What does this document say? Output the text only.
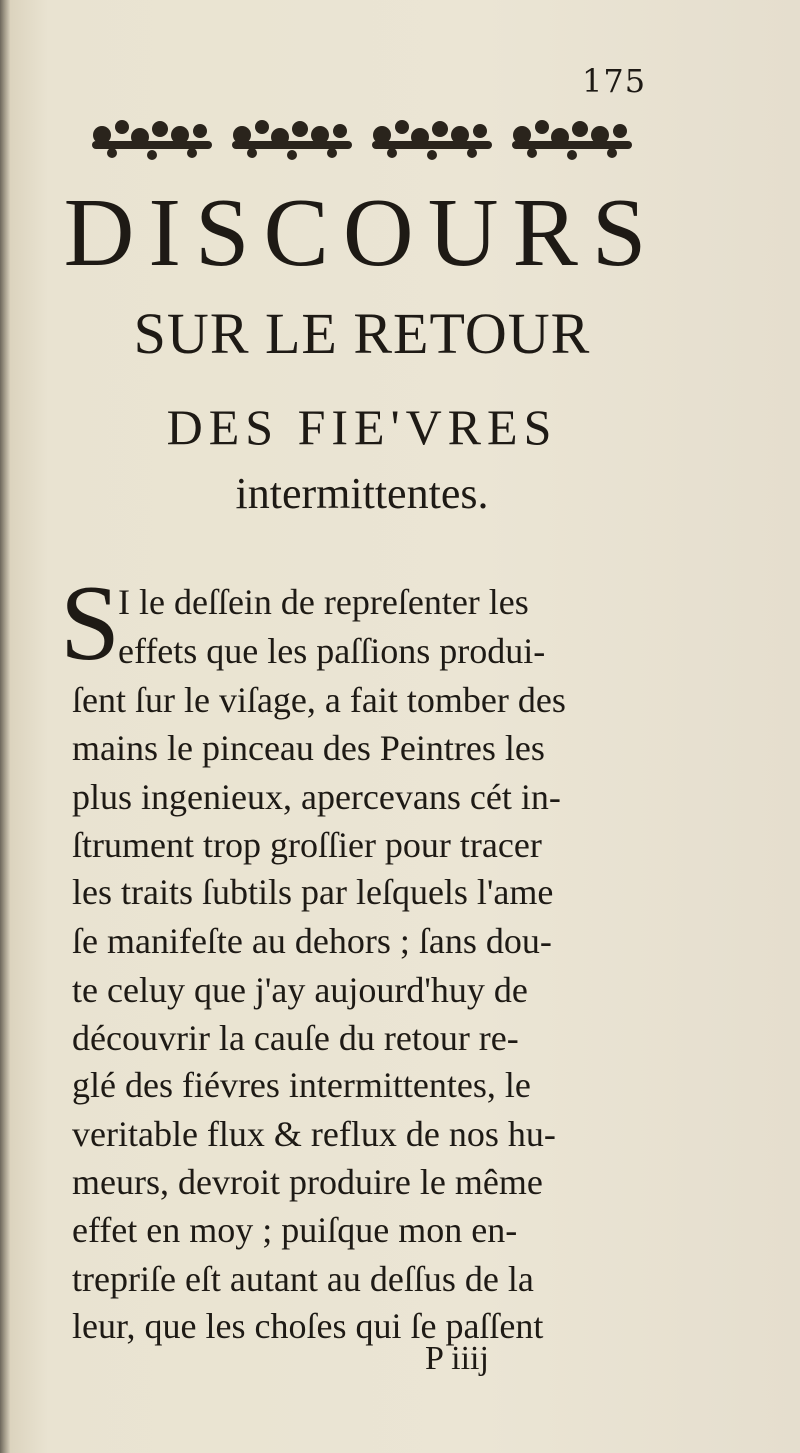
175
DISCOURS
SUR LE RETOUR
DES FIE'VRES
intermittentes.
S
I le deſſein de repreſenter les
effets que les paſſions produi-
ſent ſur le viſage, a fait tomber des
mains le pinceau des Peintres les
plus ingenieux, apercevans cét in-
ſtrument trop groſſier pour tracer
les traits ſubtils par leſquels l'ame
ſe manifeſte au dehors ; ſans dou-
te celuy que j'ay aujourd'huy de
découvrir la cauſe du retour re-
glé des fiévres intermittentes, le
veritable flux & reflux de nos hu-
meurs, devroit produire le même
effet en moy ; puiſque mon en-
trepriſe eſt autant au deſſus de la
leur, que les choſes qui ſe paſſent
P iiij
